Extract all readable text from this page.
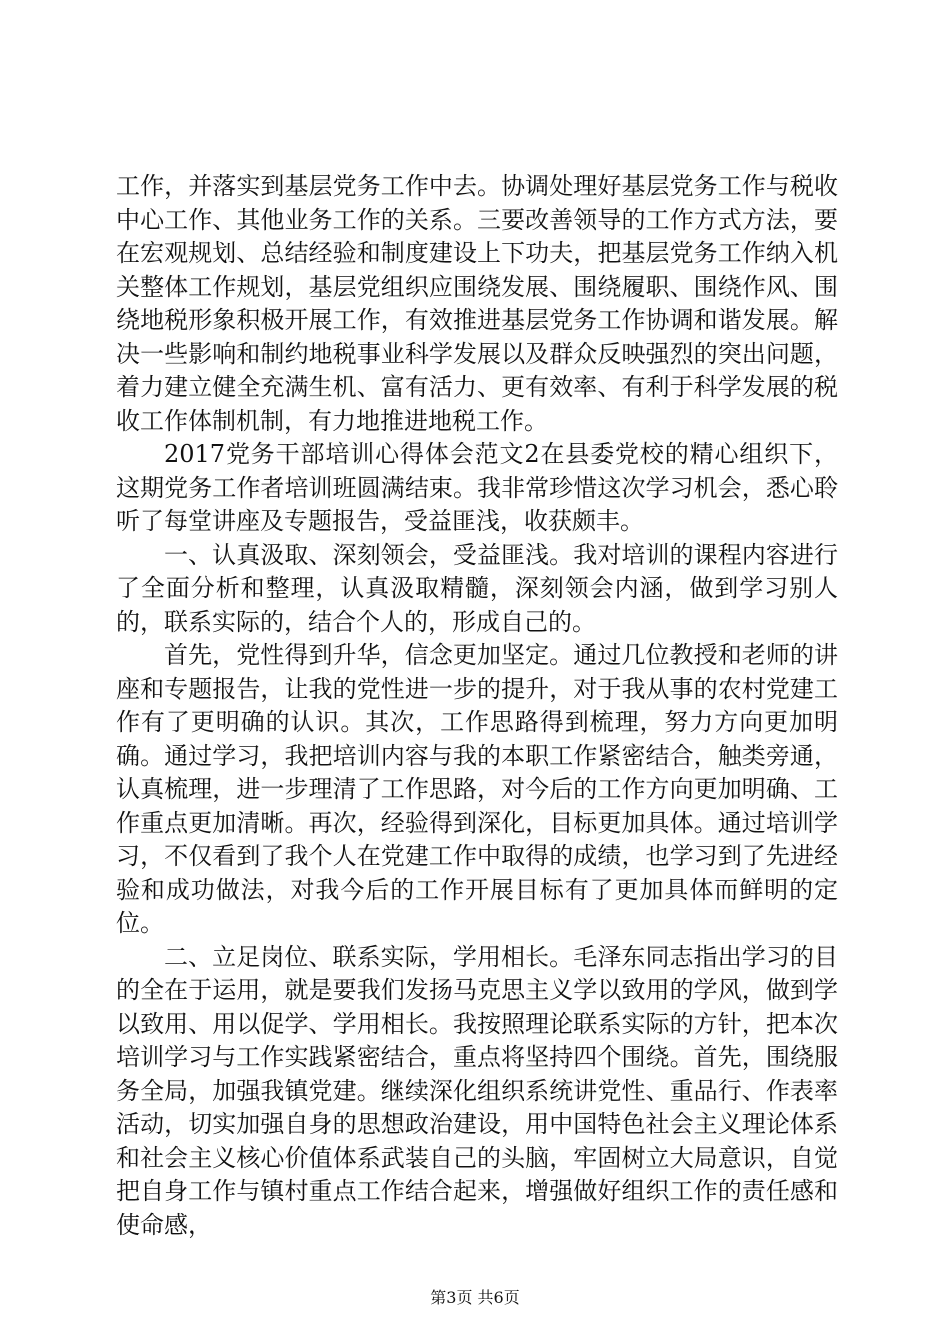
工作，并落实到基层党务工作中去。协调处理好基层党务工作与税收中心工作、其他业务工作的关系。三要改善领导的工作方式方法，要在宏观规划、总结经验和制度建设上下功夫，把基层党务工作纳入机关整体工作规划，基层党组织应围绕发展、围绕履职、围绕作风、围绕地税形象积极开展工作，有效推进基层党务工作协调和谐发展。解决一些影响和制约地税事业科学发展以及群众反映强烈的突出问题，着力建立健全充满生机、富有活力、更有效率、有利于科学发展的税收工作体制机制，有力地推进地税工作。

2017党务干部培训心得体会范文2在县委党校的精心组织下，这期党务工作者培训班圆满结束。我非常珍惜这次学习机会，悉心聆听了每堂讲座及专题报告，受益匪浅，收获颇丰。

一、认真汲取、深刻领会，受益匪浅。我对培训的课程内容进行了全面分析和整理，认真汲取精髓，深刻领会内涵，做到学习别人的，联系实际的，结合个人的，形成自己的。

首先，党性得到升华，信念更加坚定。通过几位教授和老师的讲座和专题报告，让我的党性进一步的提升，对于我从事的农村党建工作有了更明确的认识。其次，工作思路得到梳理，努力方向更加明确。通过学习，我把培训内容与我的本职工作紧密结合，触类旁通，认真梳理，进一步理清了工作思路，对今后的工作方向更加明确、工作重点更加清晰。再次，经验得到深化，目标更加具体。通过培训学习，不仅看到了我个人在党建工作中取得的成绩，也学习到了先进经验和成功做法，对我今后的工作开展目标有了更加具体而鲜明的定位。

二、立足岗位、联系实际，学用相长。毛泽东同志指出学习的目的全在于运用，就是要我们发扬马克思主义学以致用的学风，做到学以致用、用以促学、学用相长。我按照理论联系实际的方针，把本次培训学习与工作实践紧密结合，重点将坚持四个围绕。首先，围绕服务全局，加强我镇党建。继续深化组织系统讲党性、重品行、作表率活动，切实加强自身的思想政治建设，用中国特色社会主义理论体系和社会主义核心价值体系武装自己的头脑，牢固树立大局意识，自觉把自身工作与镇村重点工作结合起来，增强做好组织工作的责任感和使命感，

第3页 共6页
